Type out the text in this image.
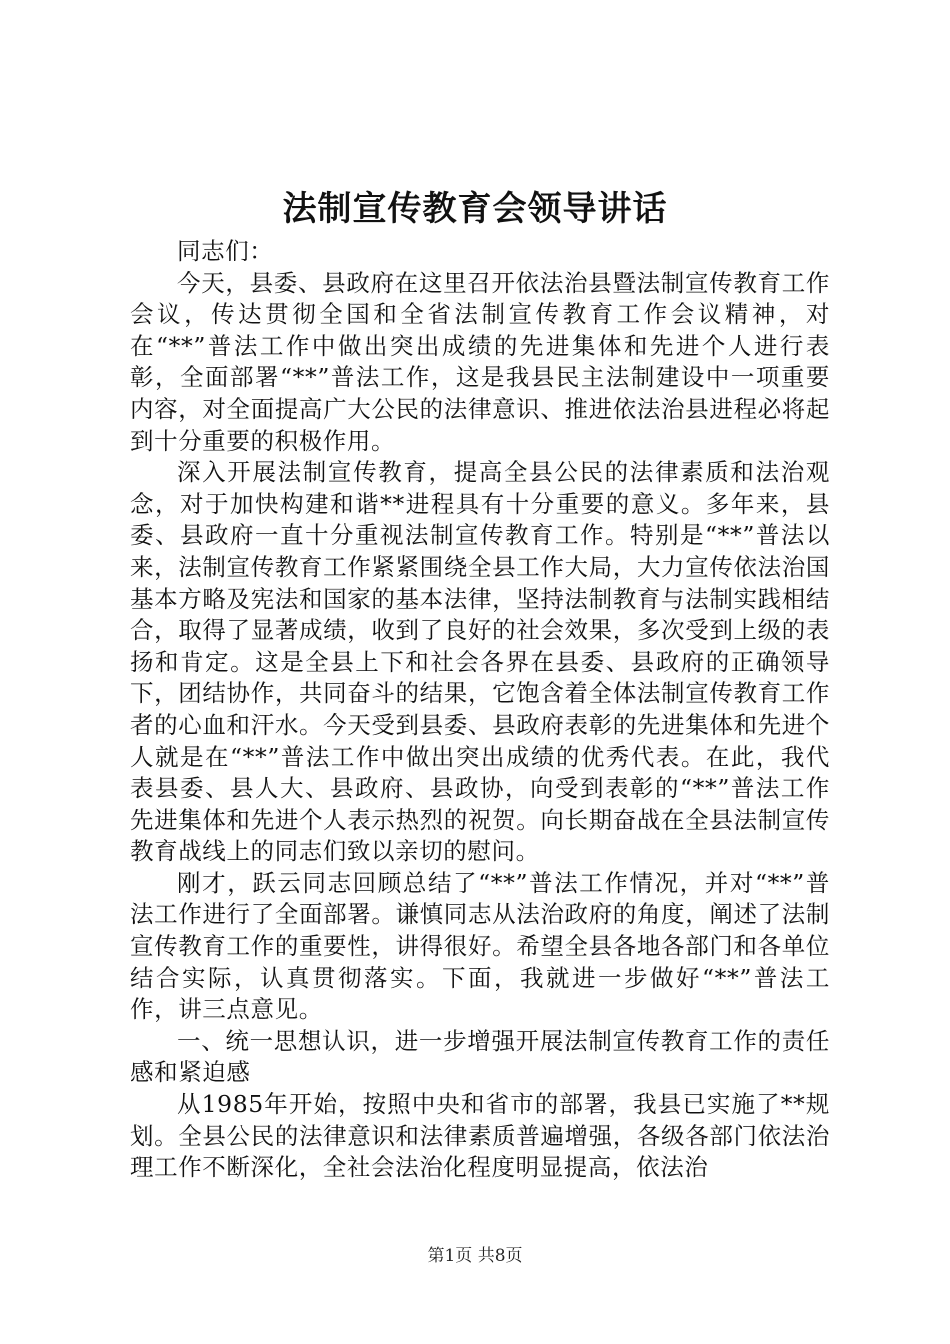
法制宣传教育会领导讲话

同志们：

今天，县委、县政府在这里召开依法治县暨法制宣传教育工作会议，传达贯彻全国和全省法制宣传教育工作会议精神，对在“**”普法工作中做出突出成绩的先进集体和先进个人进行表彰，全面部署“**”普法工作，这是我县民主法制建设中一项重要内容，对全面提高广大公民的法律意识、推进依法治县进程必将起到十分重要的积极作用。

深入开展法制宣传教育，提高全县公民的法律素质和法治观念，对于加快构建和谐**进程具有十分重要的意义。多年来，县委、县政府一直十分重视法制宣传教育工作。特别是“**”普法以来，法制宣传教育工作紧紧围绕全县工作大局，大力宣传依法治国基本方略及宪法和国家的基本法律，坚持法制教育与法制实践相结合，取得了显著成绩，收到了良好的社会效果，多次受到上级的表扬和肯定。这是全县上下和社会各界在县委、县政府的正确领导下，团结协作，共同奋斗的结果，它饱含着全体法制宣传教育工作者的心血和汗水。今天受到县委、县政府表彰的先进集体和先进个人就是在“**”普法工作中做出突出成绩的优秀代表。在此，我代表县委、县人大、县政府、县政协，向受到表彰的“**”普法工作先进集体和先进个人表示热烈的祝贺。向长期奋战在全县法制宣传教育战线上的同志们致以亲切的慰问。

刚才，跃云同志回顾总结了“**”普法工作情况，并对“**”普法工作进行了全面部署。谦慎同志从法治政府的角度，阐述了法制宣传教育工作的重要性，讲得很好。希望全县各地各部门和各单位结合实际，认真贯彻落实。下面，我就进一步做好“**”普法工作，讲三点意见。

一、统一思想认识，进一步增强开展法制宣传教育工作的责任感和紧迫感

从1985年开始，按照中央和省市的部署，我县已实施了**规划。全县公民的法律意识和法律素质普遍增强，各级各部门依法治理工作不断深化，全社会法治化程度明显提高，依法治

第1页 共8页
